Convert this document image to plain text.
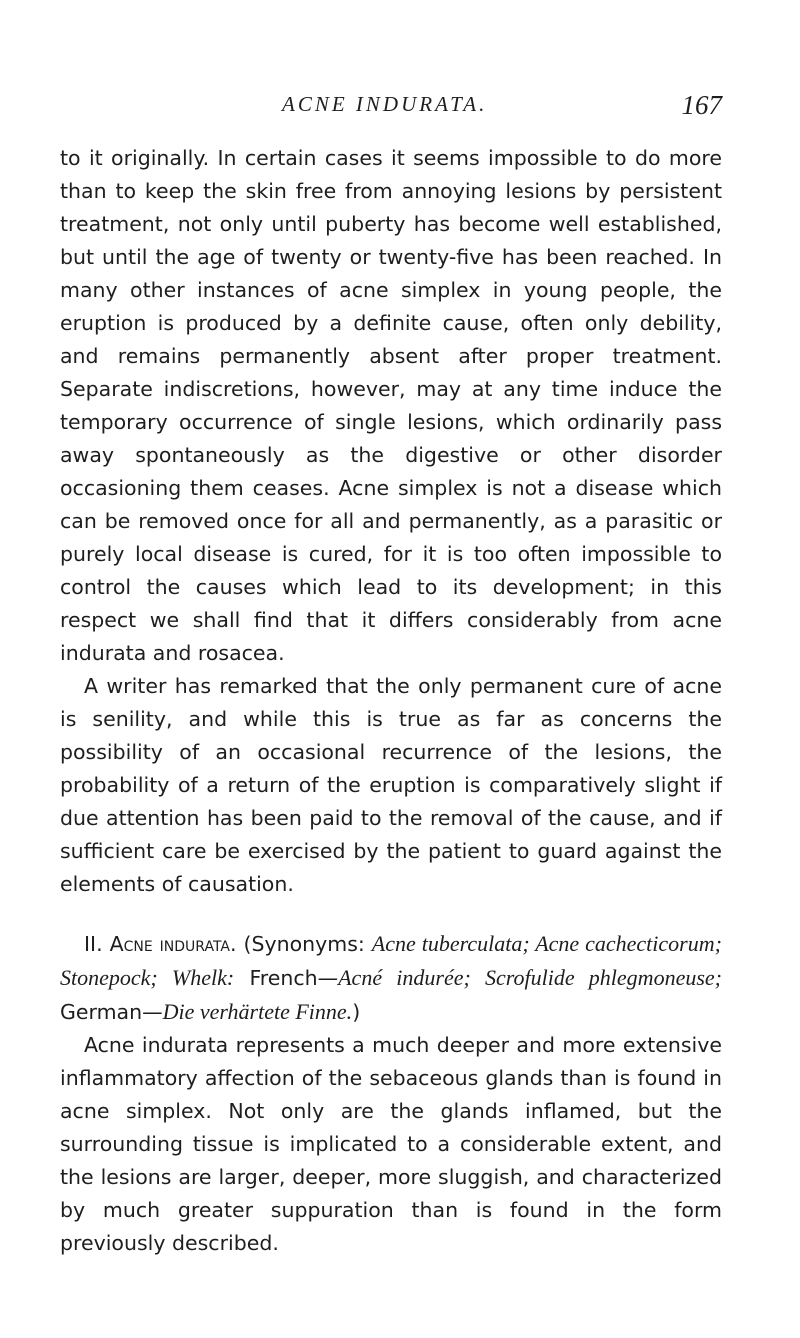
ACNE INDURATA.	167

to it originally. In certain cases it seems impossible to do more than to keep the skin free from annoying lesions by persistent treatment, not only until puberty has become well established, but until the age of twenty or twenty-five has been reached. In many other instances of acne simplex in young people, the eruption is produced by a definite cause, often only debility, and remains permanently absent after proper treatment. Separate indiscretions, however, may at any time induce the temporary occurrence of single lesions, which ordinarily pass away spontaneously as the digestive or other disorder occasioning them ceases. Acne simplex is not a disease which can be removed once for all and permanently, as a parasitic or purely local disease is cured, for it is too often impossible to control the causes which lead to its development; in this respect we shall find that it differs considerably from acne indurata and rosacea.

A writer has remarked that the only permanent cure of acne is senility, and while this is true as far as concerns the possibility of an occasional recurrence of the lesions, the probability of a return of the eruption is comparatively slight if due attention has been paid to the removal of the cause, and if sufficient care be exercised by the patient to guard against the elements of causation.

II. Acne indurata. (Synonyms: Acne tuberculata; Acne cachecticorum; Stonepock; Whelk: French—Acné indurée; Scrofulide phlegmoneuse; German—Die verhärtete Finne.)

Acne indurata represents a much deeper and more extensive inflammatory affection of the sebaceous glands than is found in acne simplex. Not only are the glands inflamed, but the surrounding tissue is implicated to a considerable extent, and the lesions are larger, deeper, more sluggish, and characterized by much greater suppuration than is found in the form previously described.
